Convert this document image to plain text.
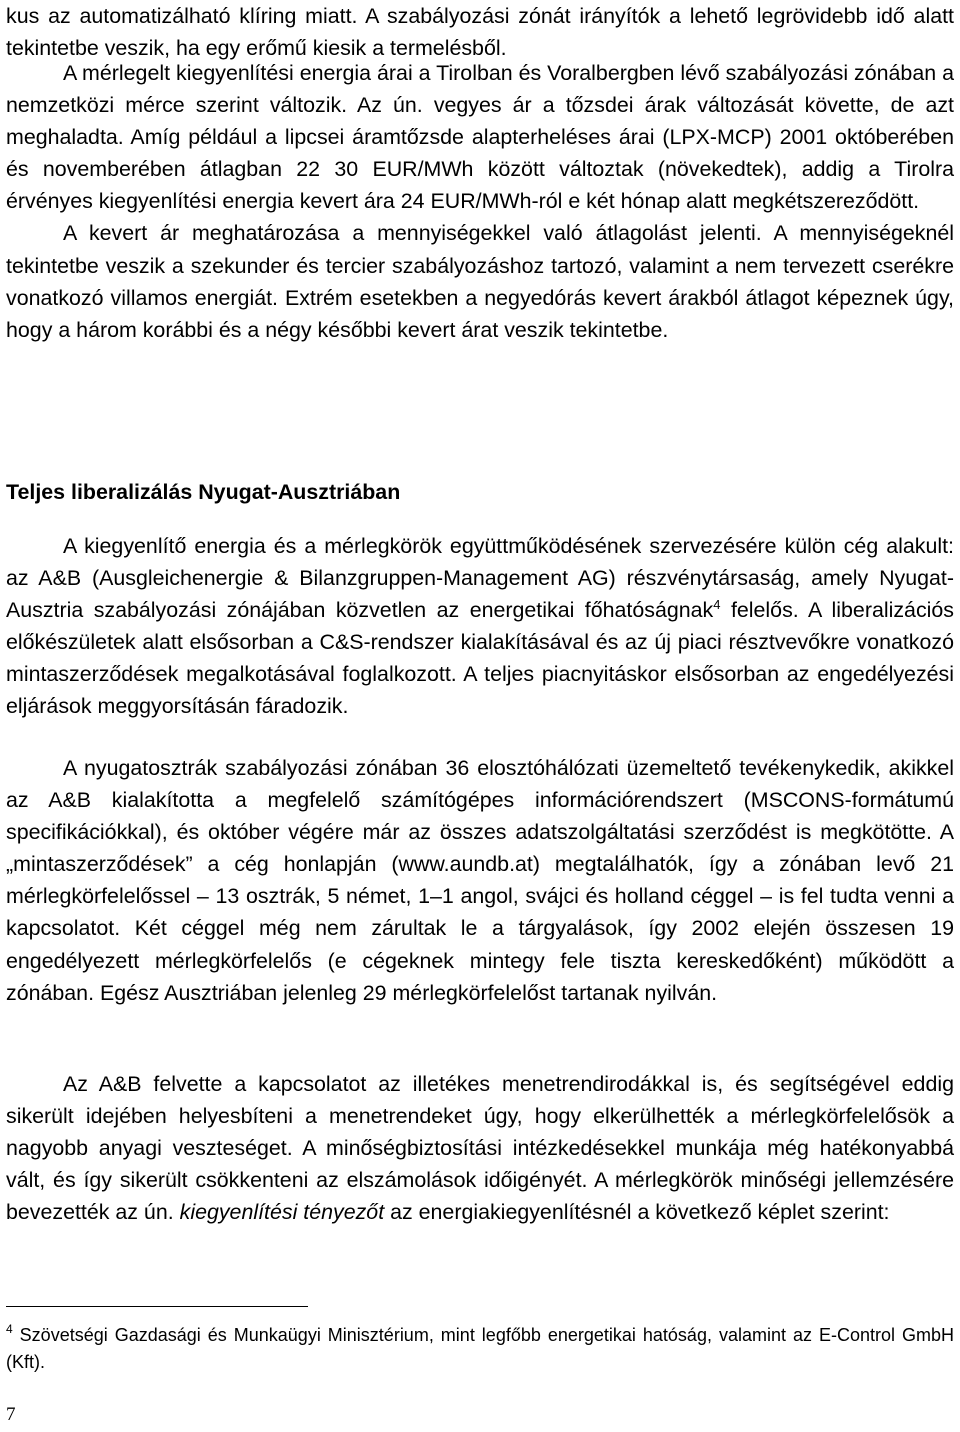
kus az automatizálható klíring miatt. A szabályozási zónát irányítók a lehető legrövidebb idő alatt tekintetbe veszik, ha egy erőmű kiesik a termelésből.

A mérlegelt kiegyenlítési energia árai a Tirolban és Voralbergben lévő szabályozási zónában a nemzetközi mérce szerint változik. Az ún. vegyes ár a tőzsdei árak változását követte, de azt meghaladta. Amíg például a lipcsei áramtőzsde alapterheléses árai (LPX-MCP) 2001 októberében és novemberében átlagban 22 30 EUR/MWh között változtak (növekedtek), addig a Tirolra érvényes kiegyenlítési energia kevert ára 24 EUR/MWh-ról e két hónap alatt megkétszereződött.

A kevert ár meghatározása a mennyiségekkel való átlagolást jelenti. A mennyiségeknél tekintetbe veszik a szekunder és tercier szabályozáshoz tartozó, valamint a nem tervezett cserékre vonatkozó villamos energiát. Extrém esetekben a negyedórás kevert árakból átlagot képeznek úgy, hogy a három korábbi és a négy későbbi kevert árat veszik tekintetbe.

Teljes liberalizálás Nyugat-Ausztriában

A kiegyenlítő energia és a mérlegkörök együttműködésének szervezésére külön cég alakult: az A&B (Ausgleichenergie & Bilanzgruppen-Management AG) részvénytársaság, amely Nyugat-Ausztria szabályozási zónájában közvetlen az energetikai főhatóságnak$^4$ felelős. A liberalizációs előkészületek alatt elsősorban a C&S-rendszer kialakításával és az új piaci résztvevőkre vonatkozó mintaszerződések megalkotásával foglalkozott. A teljes piacnyitáskor elsősorban az engedélyezési eljárások meggyorsításán fáradozik.

A nyugatosztrák szabályozási zónában 36 elosztóhálózati üzemeltető tevékenykedik, akikkel az A&B kialakította a megfelelő számítógépes információrendszert (MSCONS-formátumú specifikációkkal), és október végére már az összes adatszolgáltatási szerződést is megkötötte. A „mintaszerződések” a cég honlapján (www.aundb.at) megtalálhatók, így a zónában levő 21 mérlegkörfelelőssel – 13 osztrák, 5 német, 1–1 angol, svájci és holland céggel – is fel tudta venni a kapcsolatot. Két céggel még nem zárultak le a tárgyalások, így 2002 elején összesen 19 engedélyezett mérlegkörfelelős (e cégeknek mintegy fele tiszta kereskedőként) működött a zónában. Egész Ausztriában jelenleg 29 mérlegkörfelelőst tartanak nyilván.

Az A&B felvette a kapcsolatot az illetékes menetrendirodákkal is, és segítségével eddig sikerült idejében helyesbíteni a menetrendeket úgy, hogy elkerülhették a mérlegkörfelelősök a nagyobb anyagi veszteséget. A minőségbiztosítási intézkedésekkel munkája még hatékonyabbá vált, és így sikerült csökkenteni az elszámolások időigényét. A mérlegkörök minőségi jellemzésére bevezették az ún. kiegyenlítési tényezőt az energiakiegyenlítésnél a következő képlet szerint:

$^4$ Szövetségi Gazdasági és Munkaügyi Minisztérium, mint legfőbb energetikai hatóság, valamint az E-Control GmbH (Kft).

7
